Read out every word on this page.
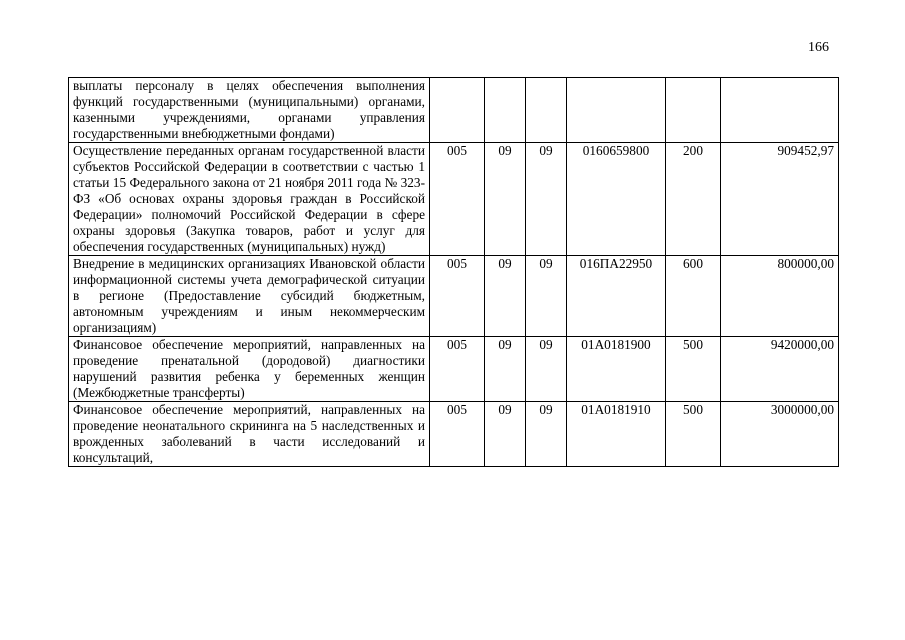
166
выплаты персоналу в целях обеспечения выполнения функций государственными (муниципальными) органами, казенными учреждениями, органами управления государственными внебюджетными фондами)						
Осуществление переданных органам государственной власти субъектов Российской Федерации в соответствии с частью 1 статьи 15 Федерального закона от 21 ноября 2011 года № 323-ФЗ «Об основах охраны здоровья граждан в Российской Федерации» полномочий Российской Федерации в сфере охраны здоровья (Закупка товаров, работ и услуг для обеспечения государственных (муниципальных) нужд)	005	09	09	0160659800	200	909452,97
Внедрение в медицинских организациях Ивановской области информационной системы учета демографической ситуации в регионе (Предоставление субсидий бюджетным, автономным учреждениям и иным некоммерческим организациям)	005	09	09	016ПА22950	600	800000,00
Финансовое обеспечение мероприятий, направленных на проведение пренатальной (дородовой) диагностики нарушений развития ребенка у беременных женщин (Межбюджетные трансферты)	005	09	09	01А0181900	500	9420000,00
Финансовое обеспечение мероприятий, направленных на проведение неонатального скрининга на 5 наследственных и врожденных заболеваний в части исследований и консультаций,	005	09	09	01А0181910	500	3000000,00
